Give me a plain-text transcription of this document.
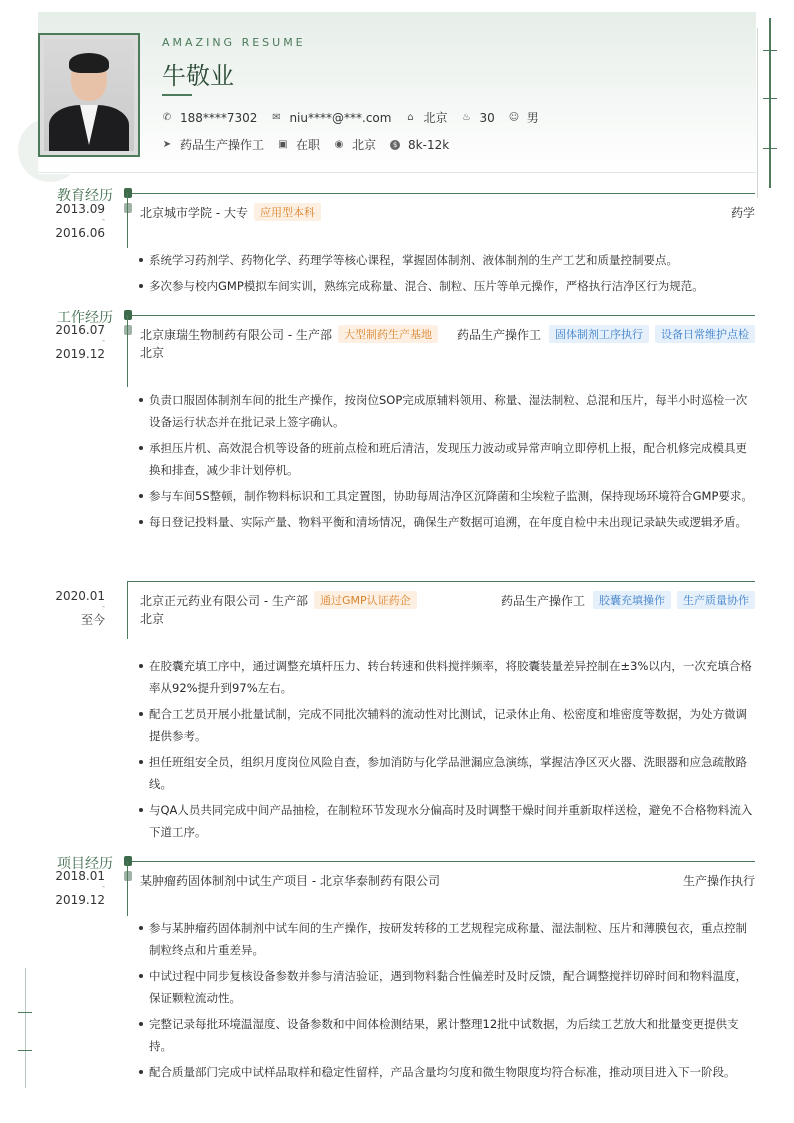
AMAZING RESUME
牛敬业
✆ 188****7302 ✉ niu****@***.com ⌂ 北京 ♨ 30 ☺ 男
➤ 药品生产操作工 ▣ 在职 ◉ 北京	$ 8k-12k
教育经历
2013.09
-
2016.06
北京城市学院 - 大专	应用型本科	药学
系统学习药剂学、药物化学、药理学等核心课程，掌握固体制剂、液体制剂的生产工艺和质量控制要点。
多次参与校内GMP模拟车间实训，熟练完成称量、混合、制粒、压片等单元操作，严格执行洁净区行为规范。
工作经历
2016.07
-
2019.12
北京康瑞生物制药有限公司 - 生产部	大型制药生产基地	药品生产操作工	固体制剂工序执行	设备日常维护点检
北京
负责口服固体制剂车间的批生产操作，按岗位SOP完成原辅料领用、称量、湿法制粒、总混和压片，每半小时巡检一次设备运行状态并在批记录上签字确认。
承担压片机、高效混合机等设备的班前点检和班后清洁，发现压力波动或异常声响立即停机上报，配合机修完成模具更换和排查，减少非计划停机。
参与车间5S整顿，制作物料标识和工具定置图，协助每周洁净区沉降菌和尘埃粒子监测，保持现场环境符合GMP要求。
每日登记投料量、实际产量、物料平衡和清场情况，确保生产数据可追溯，在年度自检中未出现记录缺失或逻辑矛盾。
2020.01
-
至今
北京正元药业有限公司 - 生产部	通过GMP认证药企	药品生产操作工	胶囊充填操作	生产质量协作
北京
在胶囊充填工序中，通过调整充填杆压力、转台转速和供料搅拌频率，将胶囊装量差异控制在±3%以内，一次充填合格率从92%提升到97%左右。
配合工艺员开展小批量试制，完成不同批次辅料的流动性对比测试，记录休止角、松密度和堆密度等数据，为处方微调提供参考。
担任班组安全员，组织月度岗位风险自查，参加消防与化学品泄漏应急演练，掌握洁净区灭火器、洗眼器和应急疏散路线。
与QA人员共同完成中间产品抽检，在制粒环节发现水分偏高时及时调整干燥时间并重新取样送检，避免不合格物料流入下道工序。
项目经历
2018.01
-
2019.12
某肿瘤药固体制剂中试生产项目 - 北京华泰制药有限公司	生产操作执行
参与某肿瘤药固体制剂中试车间的生产操作，按研发转移的工艺规程完成称量、湿法制粒、压片和薄膜包衣，重点控制制粒终点和片重差异。
中试过程中同步复核设备参数并参与清洁验证，遇到物料黏合性偏差时及时反馈，配合调整搅拌切碎时间和物料温度，保证颗粒流动性。
完整记录每批环境温湿度、设备参数和中间体检测结果，累计整理12批中试数据，为后续工艺放大和批量变更提供支持。
配合质量部门完成中试样品取样和稳定性留样，产品含量均匀度和微生物限度均符合标准，推动项目进入下一阶段。
